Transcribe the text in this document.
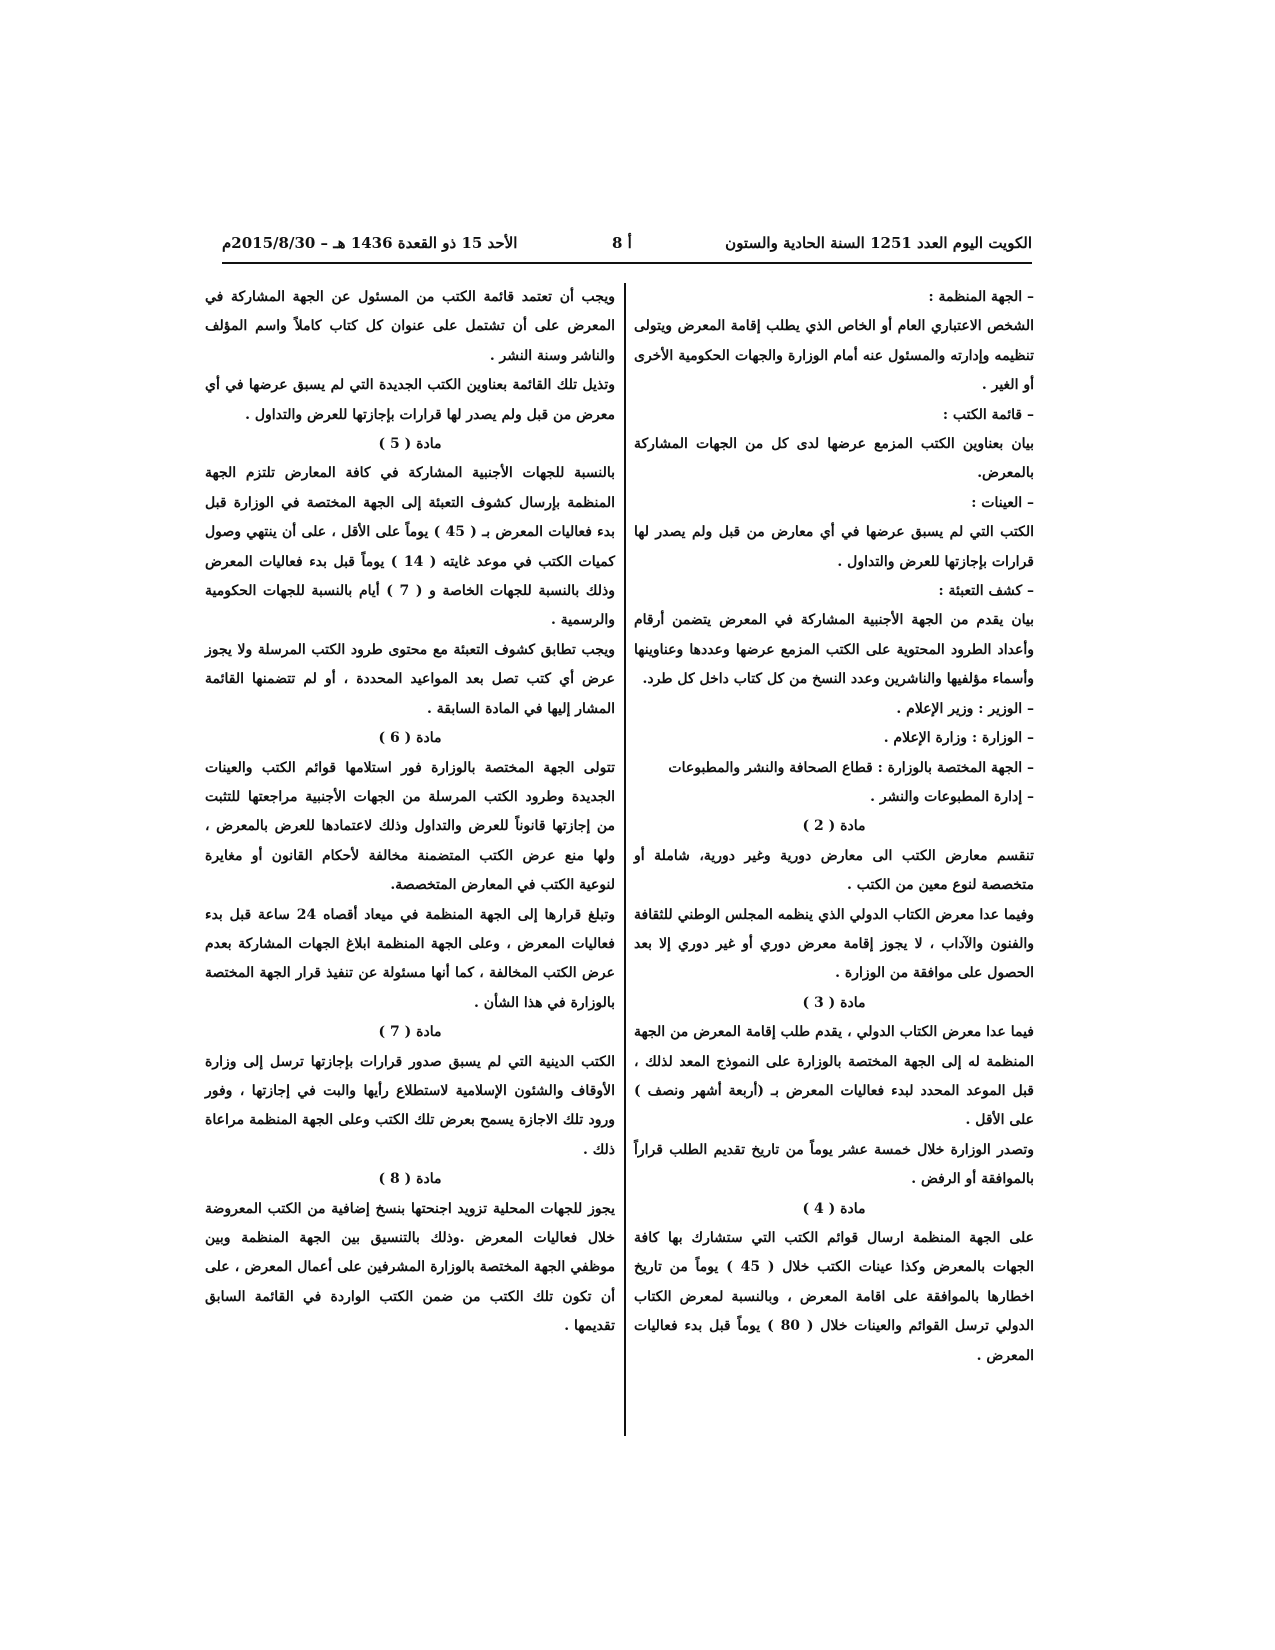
الكويت اليوم العدد 1251 السنة الحادية والستون
أ 8
الأحد 15 ذو القعدة 1436 هـ – 2015/8/30م

– الجهة المنظمة :

الشخص الاعتباري العام أو الخاص الذي يطلب إقامة المعرض ويتولى تنظيمه وإدارته والمسئول عنه أمام الوزارة والجهات الحكومية الأخرى أو الغير .

– قائمة الكتب :

بيان بعناوين الكتب المزمع عرضها لدى كل من الجهات المشاركة بالمعرض.

– العينات :

الكتب التي لم يسبق عرضها في أي معارض من قبل ولم يصدر لها قرارات بإجازتها للعرض والتداول .

– كشف التعبئة :

بيان يقدم من الجهة الأجنبية المشاركة في المعرض يتضمن أرقام وأعداد الطرود المحتوية على الكتب المزمع عرضها وعددها وعناوينها وأسماء مؤلفيها والناشرين وعدد النسخ من كل كتاب داخل كل طرد.

– الوزير : وزير الإعلام .

– الوزارة : وزارة الإعلام .

– الجهة المختصة بالوزارة : قطاع الصحافة والنشر والمطبوعات

– إدارة المطبوعات والنشر .

مادة ( 2 )

تنقسم معارض الكتب الى معارض دورية وغير دورية، شاملة أو متخصصة لنوع معين من الكتب .

وفيما عدا معرض الكتاب الدولي الذي ينظمه المجلس الوطني للثقافة والفنون والآداب ، لا يجوز إقامة معرض دوري أو غير دوري إلا بعد الحصول على موافقة من الوزارة .

مادة ( 3 )

فيما عدا معرض الكتاب الدولي ، يقدم طلب إقامة المعرض من الجهة المنظمة له إلى الجهة المختصة بالوزارة على النموذج المعد لذلك ، قبل الموعد المحدد لبدء فعاليات المعرض بـ (أربعة أشهر ونصف ) على الأقل .

وتصدر الوزارة خلال خمسة عشر يوماً من تاريخ تقديم الطلب قراراً بالموافقة أو الرفض .

مادة ( 4 )

على الجهة المنظمة ارسال قوائم الكتب التي ستشارك بها كافة الجهات بالمعرض وكذا عينات الكتب خلال ( 45 ) يوماً من تاريخ اخطارها بالموافقة على اقامة المعرض ، وبالنسبة لمعرض الكتاب الدولي ترسل القوائم والعينات خلال ( 80 ) يوماً قبل بدء فعاليات المعرض .

ويجب أن تعتمد قائمة الكتب من المسئول عن الجهة المشاركة في المعرض على أن تشتمل على عنوان كل كتاب كاملاً واسم المؤلف والناشر وسنة النشر .

وتذيل تلك القائمة بعناوين الكتب الجديدة التي لم يسبق عرضها في أي معرض من قبل ولم يصدر لها قرارات بإجازتها للعرض والتداول .

مادة ( 5 )

بالنسبة للجهات الأجنبية المشاركة في كافة المعارض تلتزم الجهة المنظمة بإرسال كشوف التعبئة إلى الجهة المختصة في الوزارة قبل بدء فعاليات المعرض بـ ( 45 ) يوماً على الأقل ، على أن ينتهي وصول كميات الكتب في موعد غايته ( 14 ) يوماً قبل بدء فعاليات المعرض وذلك بالنسبة للجهات الخاصة و ( 7 ) أيام بالنسبة للجهات الحكومية والرسمية .

ويجب تطابق كشوف التعبئة مع محتوى طرود الكتب المرسلة ولا يجوز عرض أي كتب تصل بعد المواعيد المحددة ، أو لم تتضمنها القائمة المشار إليها في المادة السابقة .

مادة ( 6 )

تتولى الجهة المختصة بالوزارة فور استلامها قوائم الكتب والعينات الجديدة وطرود الكتب المرسلة من الجهات الأجنبية مراجعتها للتثبت من إجازتها قانوناً للعرض والتداول وذلك لاعتمادها للعرض بالمعرض ، ولها منع عرض الكتب المتضمنة مخالفة لأحكام القانون أو مغايرة لنوعية الكتب في المعارض المتخصصة.

وتبلغ قرارها إلى الجهة المنظمة في ميعاد أقصاه 24 ساعة قبل بدء فعاليات المعرض ، وعلى الجهة المنظمة ابلاغ الجهات المشاركة بعدم عرض الكتب المخالفة ، كما أنها مسئولة عن تنفيذ قرار الجهة المختصة بالوزارة في هذا الشأن .

مادة ( 7 )

الكتب الدينية التي لم يسبق صدور قرارات بإجازتها ترسل إلى وزارة الأوقاف والشئون الإسلامية لاستطلاع رأيها والبت في إجازتها ، وفور ورود تلك الاجازة يسمح بعرض تلك الكتب وعلى الجهة المنظمة مراعاة ذلك .

مادة ( 8 )

يجوز للجهات المحلية تزويد اجنحتها بنسخ إضافية من الكتب المعروضة خلال فعاليات المعرض .وذلك بالتنسيق بين الجهة المنظمة وبين موظفي الجهة المختصة بالوزارة المشرفين على أعمال المعرض ، على أن تكون تلك الكتب من ضمن الكتب الواردة في القائمة السابق تقديمها .
